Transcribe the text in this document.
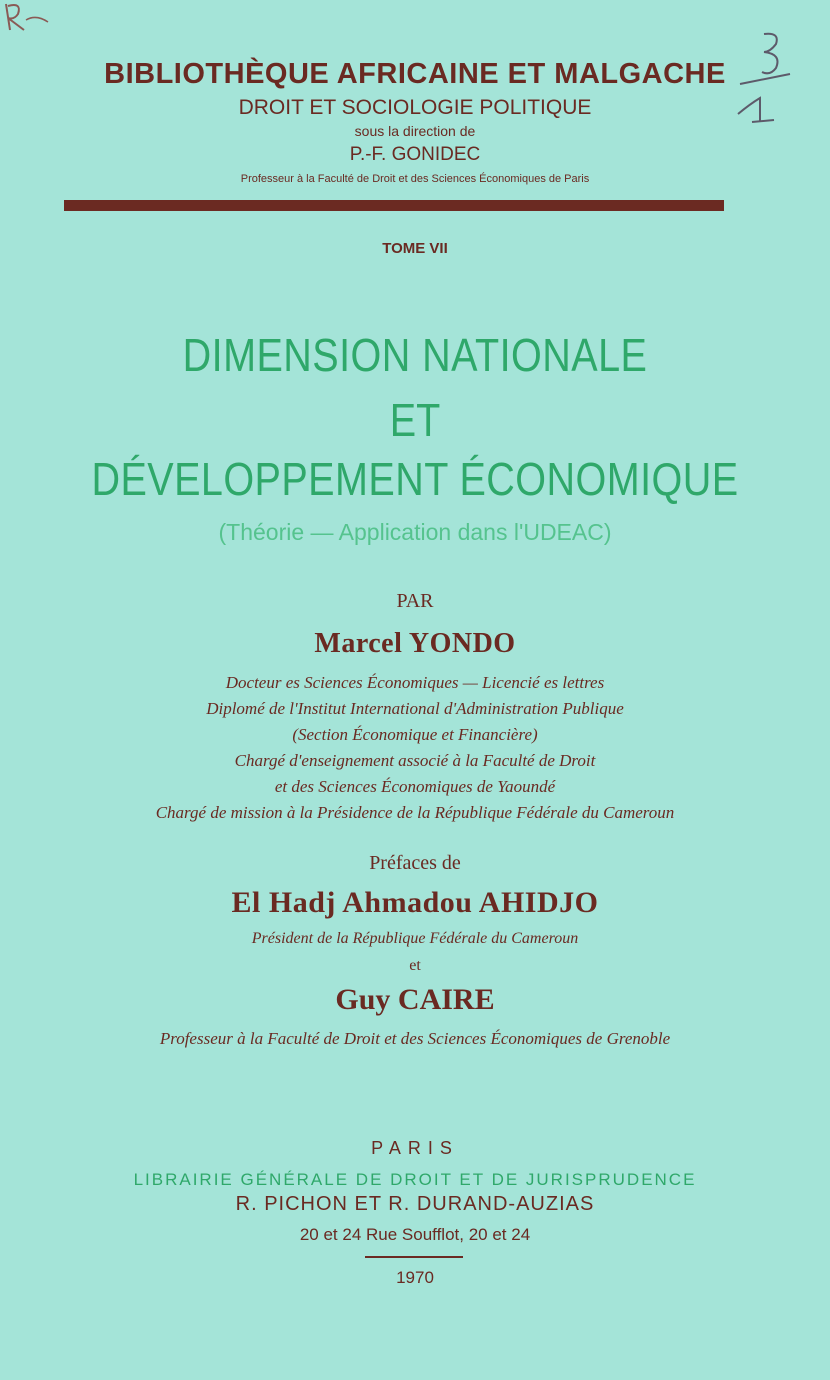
BIBLIOTHÈQUE AFRICAINE ET MALGACHE

DROIT ET SOCIOLOGIE POLITIQUE

sous la direction de

P.-F. GONIDEC

Professeur à la Faculté de Droit et des Sciences Économiques de Paris

TOME VII

DIMENSION NATIONALE

ET

DÉVELOPPEMENT ÉCONOMIQUE

(Théorie — Application dans l'UDEAC)

PAR

Marcel YONDO

Docteur es Sciences Économiques — Licencié es lettres

Diplomé de l'Institut International d'Administration Publique

(Section Économique et Financière)

Chargé d'enseignement associé à la Faculté de Droit

et des Sciences Économiques de Yaoundé

Chargé de mission à la Présidence de la République Fédérale du Cameroun

Préfaces de

El Hadj Ahmadou AHIDJO

Président de la République Fédérale du Cameroun

et

Guy CAIRE

Professeur à la Faculté de Droit et des Sciences Économiques de Grenoble

PARIS

LIBRAIRIE GÉNÉRALE DE DROIT ET DE JURISPRUDENCE

R. PICHON ET R. DURAND-AUZIAS

20 et 24 Rue Soufflot, 20 et 24

1970
